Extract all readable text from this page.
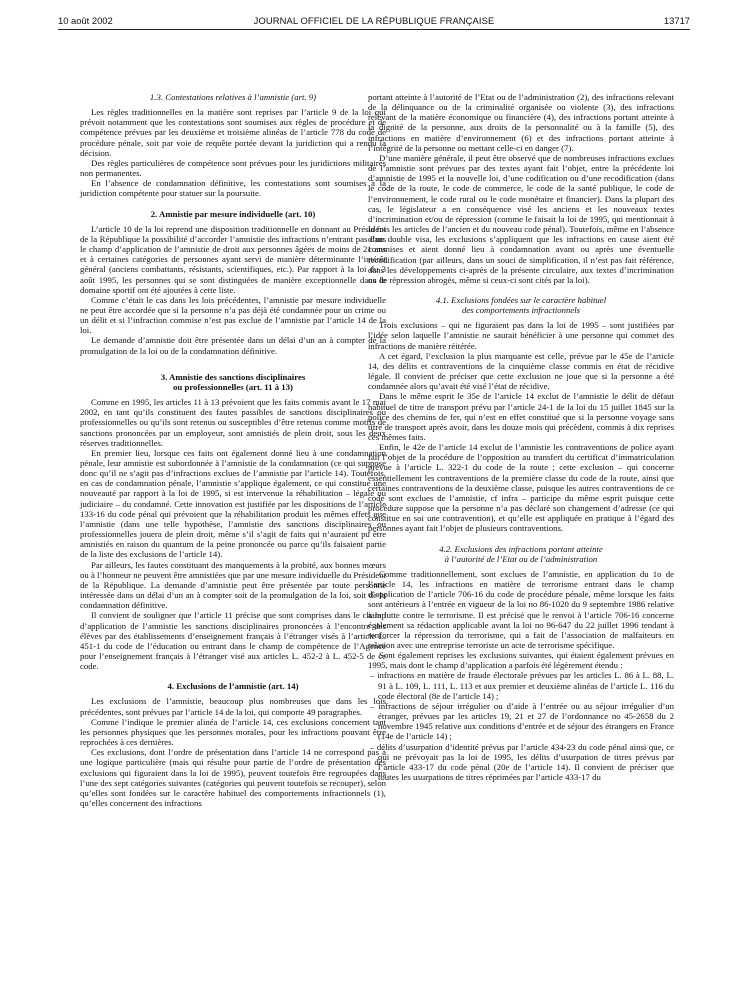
10 août 2002	JOURNAL OFFICIEL DE LA RÉPUBLIQUE FRANÇAISE	13717
1.3. Contestations relatives à l’amnistie (art. 9)

Les règles traditionnelles en la matière sont reprises par l’article 9 de la loi qui prévoit notamment que les contestations sont soumises aux règles de procédure et de compétence prévues par les deuxième et troisième alinéas de l’article 778 du code de procédure pénale, soit par voie de requête portée devant la juridiction qui a rendu la décision.

Des règles particulières de compétence sont prévues pour les juridictions militaires non permanentes.

En l’absence de condamnation définitive, les contestations sont soumises à la juridiction compétente pour statuer sur la poursuite.

2. Amnistie par mesure individuelle (art. 10)

L’article 10 de la loi reprend une disposition traditionnelle en donnant au Président de la République la possibilité d’accorder l’amnistie des infractions n’entrant pas dans le champ d’application de l’amnistie de droit aux personnes âgées de moins de 21 ans et à certaines catégories de personnes ayant servi de manière déterminante l’intérêt général (anciens combattants, résistants, scientifiques, etc.). Par rapport à la loi du 3 août 1995, les personnes qui se sont distinguées de manière exceptionnelle dans le domaine sportif ont été ajoutées à cette liste.

Comme c’était le cas dans les lois précédentes, l’amnistie par mesure individuelle ne peut être accordée que si la personne n’a pas déjà été condamnée pour un crime ou un délit et si l’infraction commise n’est pas exclue de l’amnistie par l’article 14 de la loi.

Le demande d’amnistie doit être présentée dans un délai d’un an à compter de la promulgation de la loi ou de la condamnation définitive.

3. Amnistie des sanctions disciplinaires
ou professionnelles (art. 11 à 13)

Comme en 1995, les articles 11 à 13 prévoient que les faits commis avant le 17 mai 2002, en tant qu’ils constituent des fautes passibles de sanctions disciplinaires ou professionnelles ou qu’ils sont retenus ou susceptibles d’être retenus comme motifs de sanctions prononcées par un employeur, sont amnistiés de plein droit, sous les deux réserves traditionnelles.

En premier lieu, lorsque ces faits ont également donné lieu à une condamnation pénale, leur amnistie est subordonnée à l’amnistie de la condamnation (ce qui suppose donc qu’il ne s’agit pas d’infractions exclues de l’amnistie par l’article 14). Toutefois, en cas de condamnation pénale, l’amnistie s’applique également, ce qui constitue une nouveauté par rapport à la loi de 1995, si est intervenue la réhabilitation – légale ou judiciaire – du condamné. Cette innovation est justifiée par les dispositions de l’article 133-16 du code pénal qui prévoient que la réhabilitation produit les mêmes effets que l’amnistie (dans une telle hypothèse, l’amnistie des sanctions disciplinaires ou professionnelles jouera de plein droit, même s’il s’agit de faits qui n’auraient pu être amnistiés en raison du quantum de la peine prononcée ou parce qu’ils faisaient partie de la liste des exclusions de l’article 14).

Par ailleurs, les fautes constituant des manquements à la probité, aux bonnes mœurs ou à l’honneur ne peuvent être amnistiées que par une mesure individuelle du Président de la République. La demande d’amnistie peut être présentée par toute personne intéressée dans un délai d’un an à compter soit de la promulgation de la loi, soit de la condamnation définitive.

Il convient de souligner que l’article 11 précise que sont comprises dans le champ d’application de l’amnistie les sanctions disciplinaires prononcées à l’encontre des élèves par des établissements d’enseignement français à l’étranger visés à l’article L. 451-1 du code de l’éducation ou entrant dans le champ de compétence de l’Agence pour l’enseignement français à l’étranger visé aux articles L. 452-2 à L. 452-5 de ce code.

4. Exclusions de l’amnistie (art. 14)

Les exclusions de l’amnistie, beaucoup plus nombreuses que dans les lois précédentes, sont prévues par l’article 14 de la loi, qui comporte 49 paragraphes.

Comme l’indique le premier alinéa de l’article 14, ces exclusions concernent tant les personnes physiques que les personnes morales, pour les infractions pouvant être reprochées à ces dernières.

Ces exclusions, dont l’ordre de présentation dans l’article 14 ne correspond pas à une logique particulière (mais qui résulte pour partie de l’ordre de présentation des exclusions qui figuraient dans la loi de 1995), peuvent toutefois être regroupées dans l’une des sept catégories suivantes (catégories qui peuvent toutefois se recouper), selon qu’elles sont fondées sur le caractère habituel des comportements infractionnels (1), qu’elles concernent des infractions

portant atteinte à l’autorité de l’Etat ou de l’administration (2), des infractions relevant de la délinquance ou de la criminalité organisée ou violente (3), des infractions relevant de la matière économique ou financière (4), des infractions portant atteinte à la dignité de la personne, aux droits de la personnalité ou à la famille (5), des infractions en matière d’environnement (6) et des infractions portant atteinte à l’intégrité de la personne ou mettant celle-ci en danger (7).

D’une manière générale, il peut être observé que de nombreuses infractions exclues de l’amnistie sont prévues par des textes ayant fait l’objet, entre la précédente loi d’amnistie de 1995 et la nouvelle loi, d’une codification ou d’une recodification (dans le code de la route, le code de commerce, le code de la santé publique, le code de l’environnement, le code rural ou le code monétaire et financier). Dans la plupart des cas, le législateur a en conséquence visé les anciens et les nouveaux textes d’incrimination et/ou de répression (comme le faisait la loi de 1995, qui mentionnait à la fois les articles de l’ancien et du nouveau code pénal). Toutefois, même en l’absence d’un double visa, les exclusions s’appliquent que les infractions en cause aient été commises et aient donné lieu à condamnation avant ou après une éventuelle recodification (par ailleurs, dans un souci de simplification, il n’est pas fait référence, dans les développements ci-après de la présente circulaire, aux textes d’incrimination ou de répression abrogés, même si ceux-ci sont cités par la loi).

4.1. Exclusions fondées sur le caractère habituel
des comportements infractionnels

Trois exclusions – qui ne figuraient pas dans la loi de 1995 – sont justifiées par l’idée selon laquelle l’amnistie ne saurait bénéficier à une personne qui commet des infractions de manière réitérée.

A cet égard, l’exclusion la plus marquante est celle, prévue par le 45e de l’article 14, des délits et contraventions de la cinquième classe commis en état de récidive légale. Il convient de préciser que cette exclusion ne joue que si la personne a été condamnée alors qu’avait été visé l’état de récidive.

Dans le même esprit le 35e de l’article 14 exclut de l’amnistie le délit de défaut habituel de titre de transport prévu par l’article 24-1 de la loi du 15 juillet 1845 sur la police des chemins de fer, qui n’est en effet constitué que si la personne voyage sans titre de transport après avoir, dans les douze mois qui précèdent, commis à dix reprises ces mêmes faits.

Enfin, le 42e de l’article 14 exclut de l’amnistie les contraventions de police ayant fait l’objet de la procédure de l’opposition au transfert du certificat d’immatriculation prévue à l’article L. 322-1 du code de la route ; cette exclusion – qui concerne essentiellement les contraventions de la première classe du code de la route, ainsi que certaines contraventions de la deuxième classe, puisque les autres contraventions de ce code sont exclues de l’amnistie, cf infra – participe du même esprit puisque cette procédure suppose que la personne n’a pas déclaré son changement d’adresse (ce qui constitue en soi une contravention), et qu’elle est appliquée en pratique à l’égard des personnes ayant fait l’objet de plusieurs contraventions.

4.2. Exclusions des infractions portant atteinte
à l’autorité de l’Etat ou de l’administration

Comme traditionnellement, sont exclues de l’amnistie, en application du 1o de l’article 14, les infractions en matière de terrorisme entrant dans le champ d’application de l’article 706-16 du code de procédure pénale, même lorsque les faits sont antérieurs à l’entrée en vigueur de la loi no 86-1020 du 9 septembre 1986 relative à la lutte contre le terrorisme. Il est précisé que le renvoi à l’article 706-16 concerne également sa rédaction applicable avant la loi no 96-647 du 22 juillet 1996 tendant à renforcer la répression du terrorisme, qui a fait de l’association de malfaiteurs en relation avec une entreprise terroriste un acte de terrorisme spécifique.

Sont également reprises les exclusions suivantes, qui étaient également prévues en 1995, mais dont le champ d’application a parfois été légèrement étendu :

– infractions en matière de fraude électorale prévues par les articles L. 86 à L. 88, L. 91 à L. 109, L. 111, L. 113 et aux premier et deuxième alinéas de l’article L. 116 du code électoral (8e de l’article 14) ;
– infractions de séjour irrégulier ou d’aide à l’entrée ou au séjour irrégulier d’un étranger, prévues par les articles 19, 21 et 27 de l’ordonnance no 45-2658 du 2 novembre 1945 relative aux conditions d’entrée et de séjour des étrangers en France (14e de l’article 14) ;
– délits d’usurpation d’identité prévus par l’article 434-23 du code pénal ainsi que, ce qui ne prévoyait pas la loi de 1995, les délits d’usurpation de titres prévus par l’article 433-17 du code pénal (20e de l’article 14). Il convient de préciser que toutes les usurpations de titres réprimées par l’article 433-17 du
